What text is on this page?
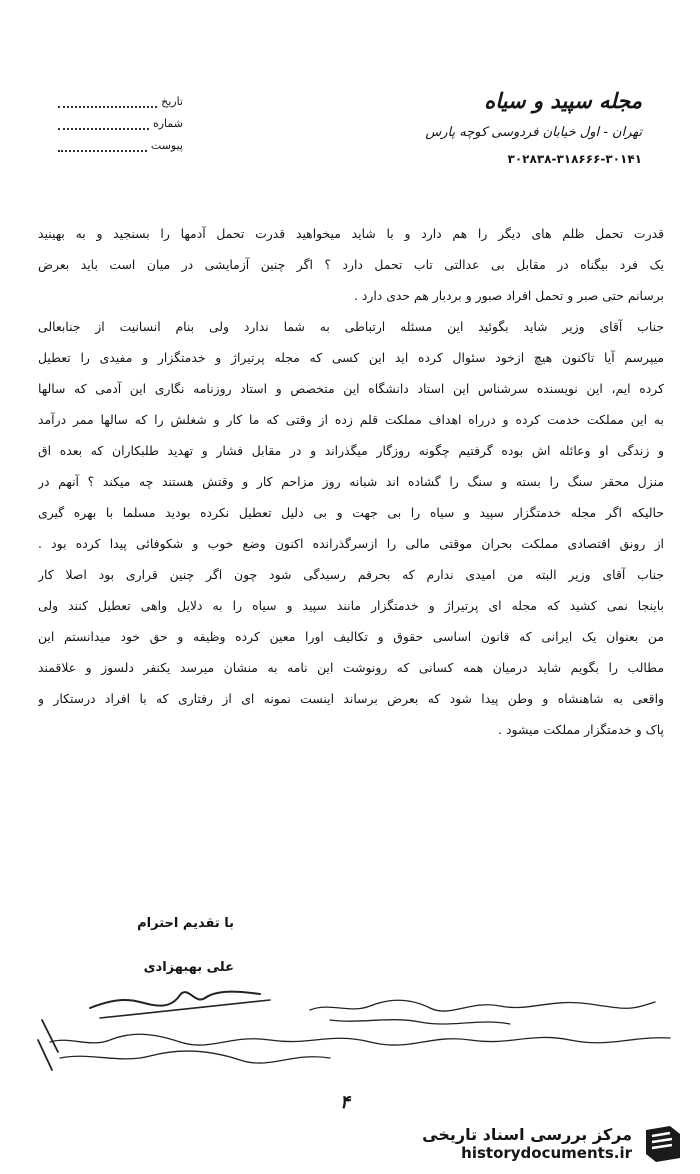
تاریخ
شماره
پیوست
مجله سپید و سیاه
تهران - اول خیابان فردوسی کوچه پارس
۳۰۲۸۳۸-۳۱۸۶۶۶-۳۰۱۴۱
قدرت تحمل ظلم های دیگر را هم دارد و با شاید میخواهید قدرت تحمل آدمها را بسنجید و به بهینید
یک فرد بیگناه در مقابل بی عدالتی تاب تحمل دارد ؟ اگر چنین آزمایشی در میان است باید بعرض
برسانم حتی صبر و تحمل افراد صبور و بردبار هم حدی دارد .
جناب آقای وزیر شاید بگوئید این مسئله ارتباطی به شما ندارد ولی بنام انسانیت از جنابعالی
میپرسم آیا تاکنون هیچ ازخود سئوال کرده اید این کسی که مجله پرتیراژ و خدمتگزار و مفیدی را تعطیل
کرده ایم، این نویسنده سرشناس این استاد دانشگاه این متخصص و استاد روزنامه نگاری این آدمی که سالها
به این مملکت خدمت کرده و درراه اهداف مملکت قلم زده از وقتی که ما کار و شغلش را که سالها ممر درآمد
و زندگی او وعائله اش بوده گرفتیم چگونه روزگار میگذراند و در مقابل فشار و تهدید طلبکاران که بعده اق
منزل محقر سنگ را بسته و سنگ را گشاده اند شبانه روز مزاحم کار و وقتش هستند چه میکند ؟ آنهم در
حالیکه اگر مجله خدمتگزار سپید و سیاه را بی جهت و بی دلیل تعطیل نکرده بودید مسلما با بهره گیری
از رونق اقتصادی مملکت بحران موقتی مالی را ازسرگذرانده اکنون وضع خوب و شکوفائی پیدا کرده بود .
جناب آقای وزیر البته من امیدی ندارم که بحرفم رسیدگی شود چون اگر چنین قراری بود اصلا کار
باینجا نمی کشید که مجله ای پرتیراژ و خدمتگزار مانند سپید و سیاه را به دلایل واهی تعطیل کنند ولی
من بعنوان یک ایرانی که قانون اساسی حقوق و تکالیف اورا معین کرده وظیفه و حق خود میدانستم این
مطالب را بگویم شاید درمیان همه کسانی که رونوشت این نامه به منشان میرسد یکنفر دلسوز و علاقمند
واقعی به شاهنشاه و وطن پیدا شود که بعرض برساند اینست نمونه ای از رفتاری که با افراد درستکار و
پاک و خدمتگزار مملکت میشود .
با تقدیم احترام
علی بهبهزادی
۴
مرکز بررسی اسناد تاریخی
historydocuments.ir
